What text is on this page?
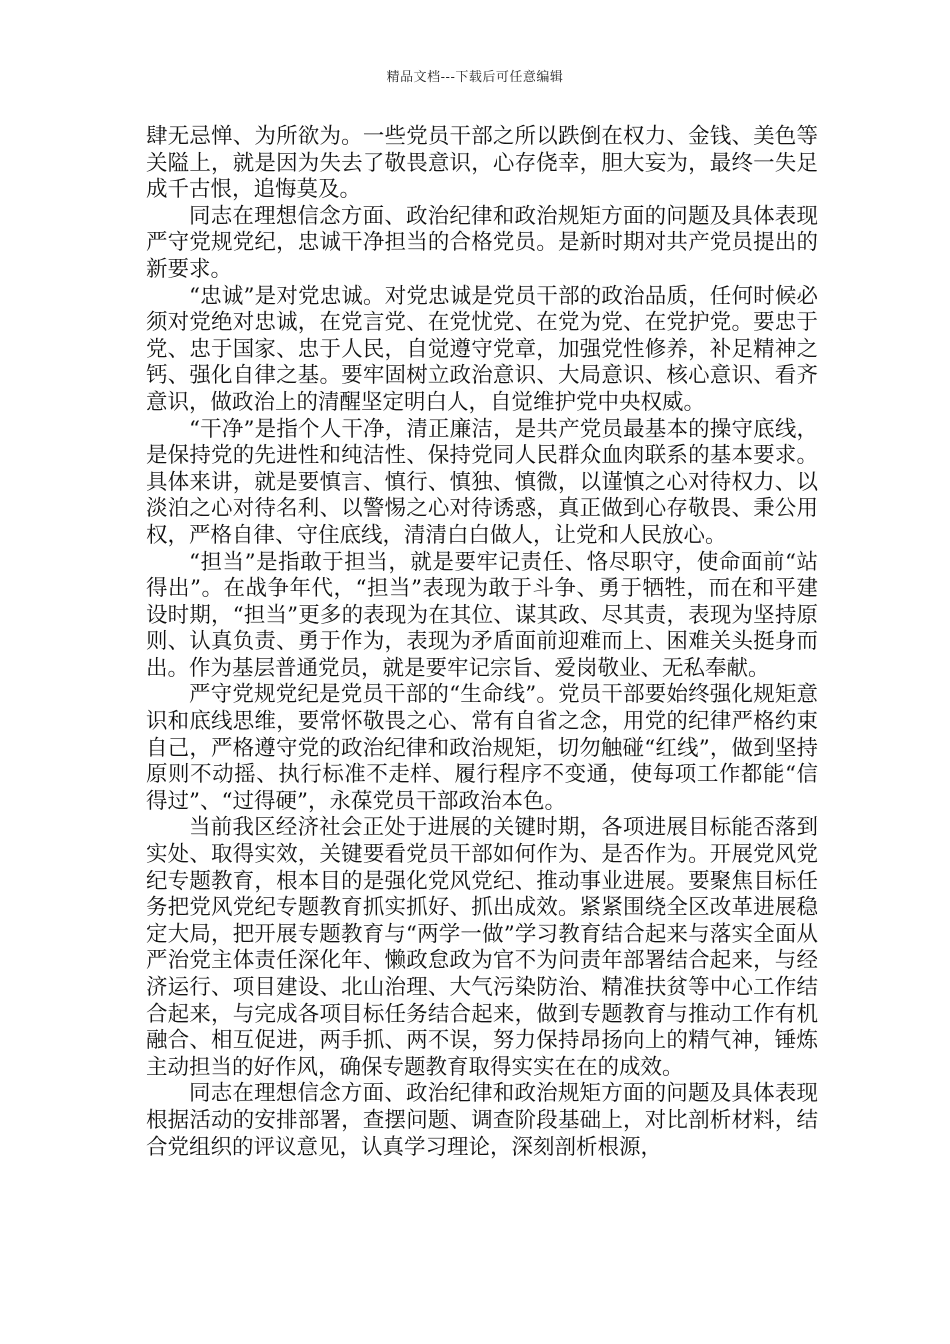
精品文档---下载后可任意编辑

肆无忌惮、为所欲为。一些党员干部之所以跌倒在权力、金钱、美色等关隘上，就是因为失去了敬畏意识，心存侥幸，胆大妄为，最终一失足成千古恨，追悔莫及。

同志在理想信念方面、政治纪律和政治规矩方面的问题及具体表现　　严守党规党纪，忠诚干净担当的合格党员。是新时期对共产党员提出的新要求。

“忠诚”是对党忠诚。对党忠诚是党员干部的政治品质，任何时候必须对党绝对忠诚，在党言党、在党忧党、在党为党、在党护党。要忠于党、忠于国家、忠于人民，自觉遵守党章，加强党性修养，补足精神之钙、强化自律之基。要牢固树立政治意识、大局意识、核心意识、看齐意识，做政治上的清醒坚定明白人，自觉维护党中央权威。

“干净”是指个人干净，清正廉洁，是共产党员最基本的操守底线，是保持党的先进性和纯洁性、保持党同人民群众血肉联系的基本要求。具体来讲，就是要慎言、慎行、慎独、慎微，以谨慎之心对待权力、以淡泊之心对待名利、以警惕之心对待诱惑，真正做到心存敬畏、秉公用权，严格自律、守住底线，清清白白做人，让党和人民放心。

“担当”是指敢于担当，就是要牢记责任、恪尽职守，使命面前“站得出”。在战争年代，“担当”表现为敢于斗争、勇于牺牲，而在和平建设时期，“担当”更多的表现为在其位、谋其政、尽其责，表现为坚持原则、认真负责、勇于作为，表现为矛盾面前迎难而上、困难关头挺身而出。作为基层普通党员，就是要牢记宗旨、爱岗敬业、无私奉献。

严守党规党纪是党员干部的“生命线”。党员干部要始终强化规矩意识和底线思维，要常怀敬畏之心、常有自省之念，用党的纪律严格约束自己，严格遵守党的政治纪律和政治规矩，切勿触碰“红线”，做到坚持原则不动摇、执行标准不走样、履行程序不变通，使每项工作都能“信得过”、“过得硬”，永葆党员干部政治本色。

当前我区经济社会正处于进展的关键时期，各项进展目标能否落到实处、取得实效，关键要看党员干部如何作为、是否作为。开展党风党纪专题教育，根本目的是强化党风党纪、推动事业进展。要聚焦目标任务把党风党纪专题教育抓实抓好、抓出成效。紧紧围绕全区改革进展稳定大局，把开展专题教育与“两学一做”学习教育结合起来与落实全面从严治党主体责任深化年、懒政怠政为官不为问责年部署结合起来，与经济运行、项目建设、北山治理、大气污染防治、精准扶贫等中心工作结合起来，与完成各项目标任务结合起来，做到专题教育与推动工作有机融合、相互促进，两手抓、两不误，努力保持昂扬向上的精气神，锤炼主动担当的好作风，确保专题教育取得实实在在的成效。

同志在理想信念方面、政治纪律和政治规矩方面的问题及具体表现　　根据活动的安排部署，查摆问题、调查阶段基础上，对比剖析材料，结合党组织的评议意见，认真学习理论，深刻剖析根源，
